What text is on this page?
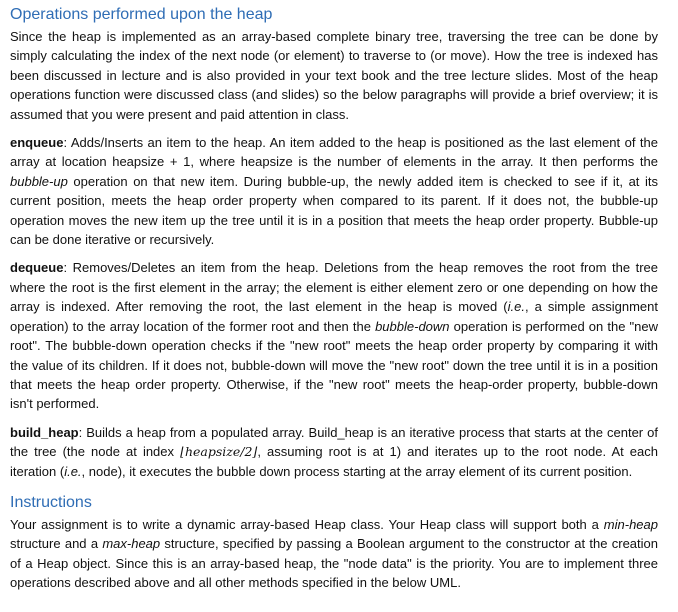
Operations performed upon the heap

Since the heap is implemented as an array-based complete binary tree, traversing the tree can be done by simply calculating the index of the next node (or element) to traverse to (or move). How the tree is indexed has been discussed in lecture and is also provided in your text book and the tree lecture slides. Most of the heap operations function were discussed class (and slides) so the below paragraphs will provide a brief overview; it is assumed that you were present and paid attention in class.

enqueue: Adds/Inserts an item to the heap. An item added to the heap is positioned as the last element of the array at location heapsize + 1, where heapsize is the number of elements in the array. It then performs the bubble-up operation on that new item. During bubble-up, the newly added item is checked to see if it, at its current position, meets the heap order property when compared to its parent. If it does not, the bubble-up operation moves the new item up the tree until it is in a position that meets the heap order property. Bubble-up can be done iterative or recursively.

dequeue: Removes/Deletes an item from the heap. Deletions from the heap removes the root from the tree where the root is the first element in the array; the element is either element zero or one depending on how the array is indexed. After removing the root, the last element in the heap is moved (i.e., a simple assignment operation) to the array location of the former root and then the bubble-down operation is performed on the "new root". The bubble-down operation checks if the "new root" meets the heap order property by comparing it with the value of its children. If it does not, bubble-down will move the "new root" down the tree until it is in a position that meets the heap order property. Otherwise, if the "new root" meets the heap-order property, bubble-down isn't performed.

build_heap: Builds a heap from a populated array. Build_heap is an iterative process that starts at the center of the tree (the node at index ⌊heapsize/2⌋, assuming root is at 1) and iterates up to the root node. At each iteration (i.e., node), it executes the bubble down process starting at the array element of its current position.

Instructions

Your assignment is to write a dynamic array-based Heap class. Your Heap class will support both a min-heap structure and a max-heap structure, specified by passing a Boolean argument to the constructor at the creation of a Heap object. Since this is an array-based heap, the "node data" is the priority. You are to implement three operations described above and all other methods specified in the below UML.
